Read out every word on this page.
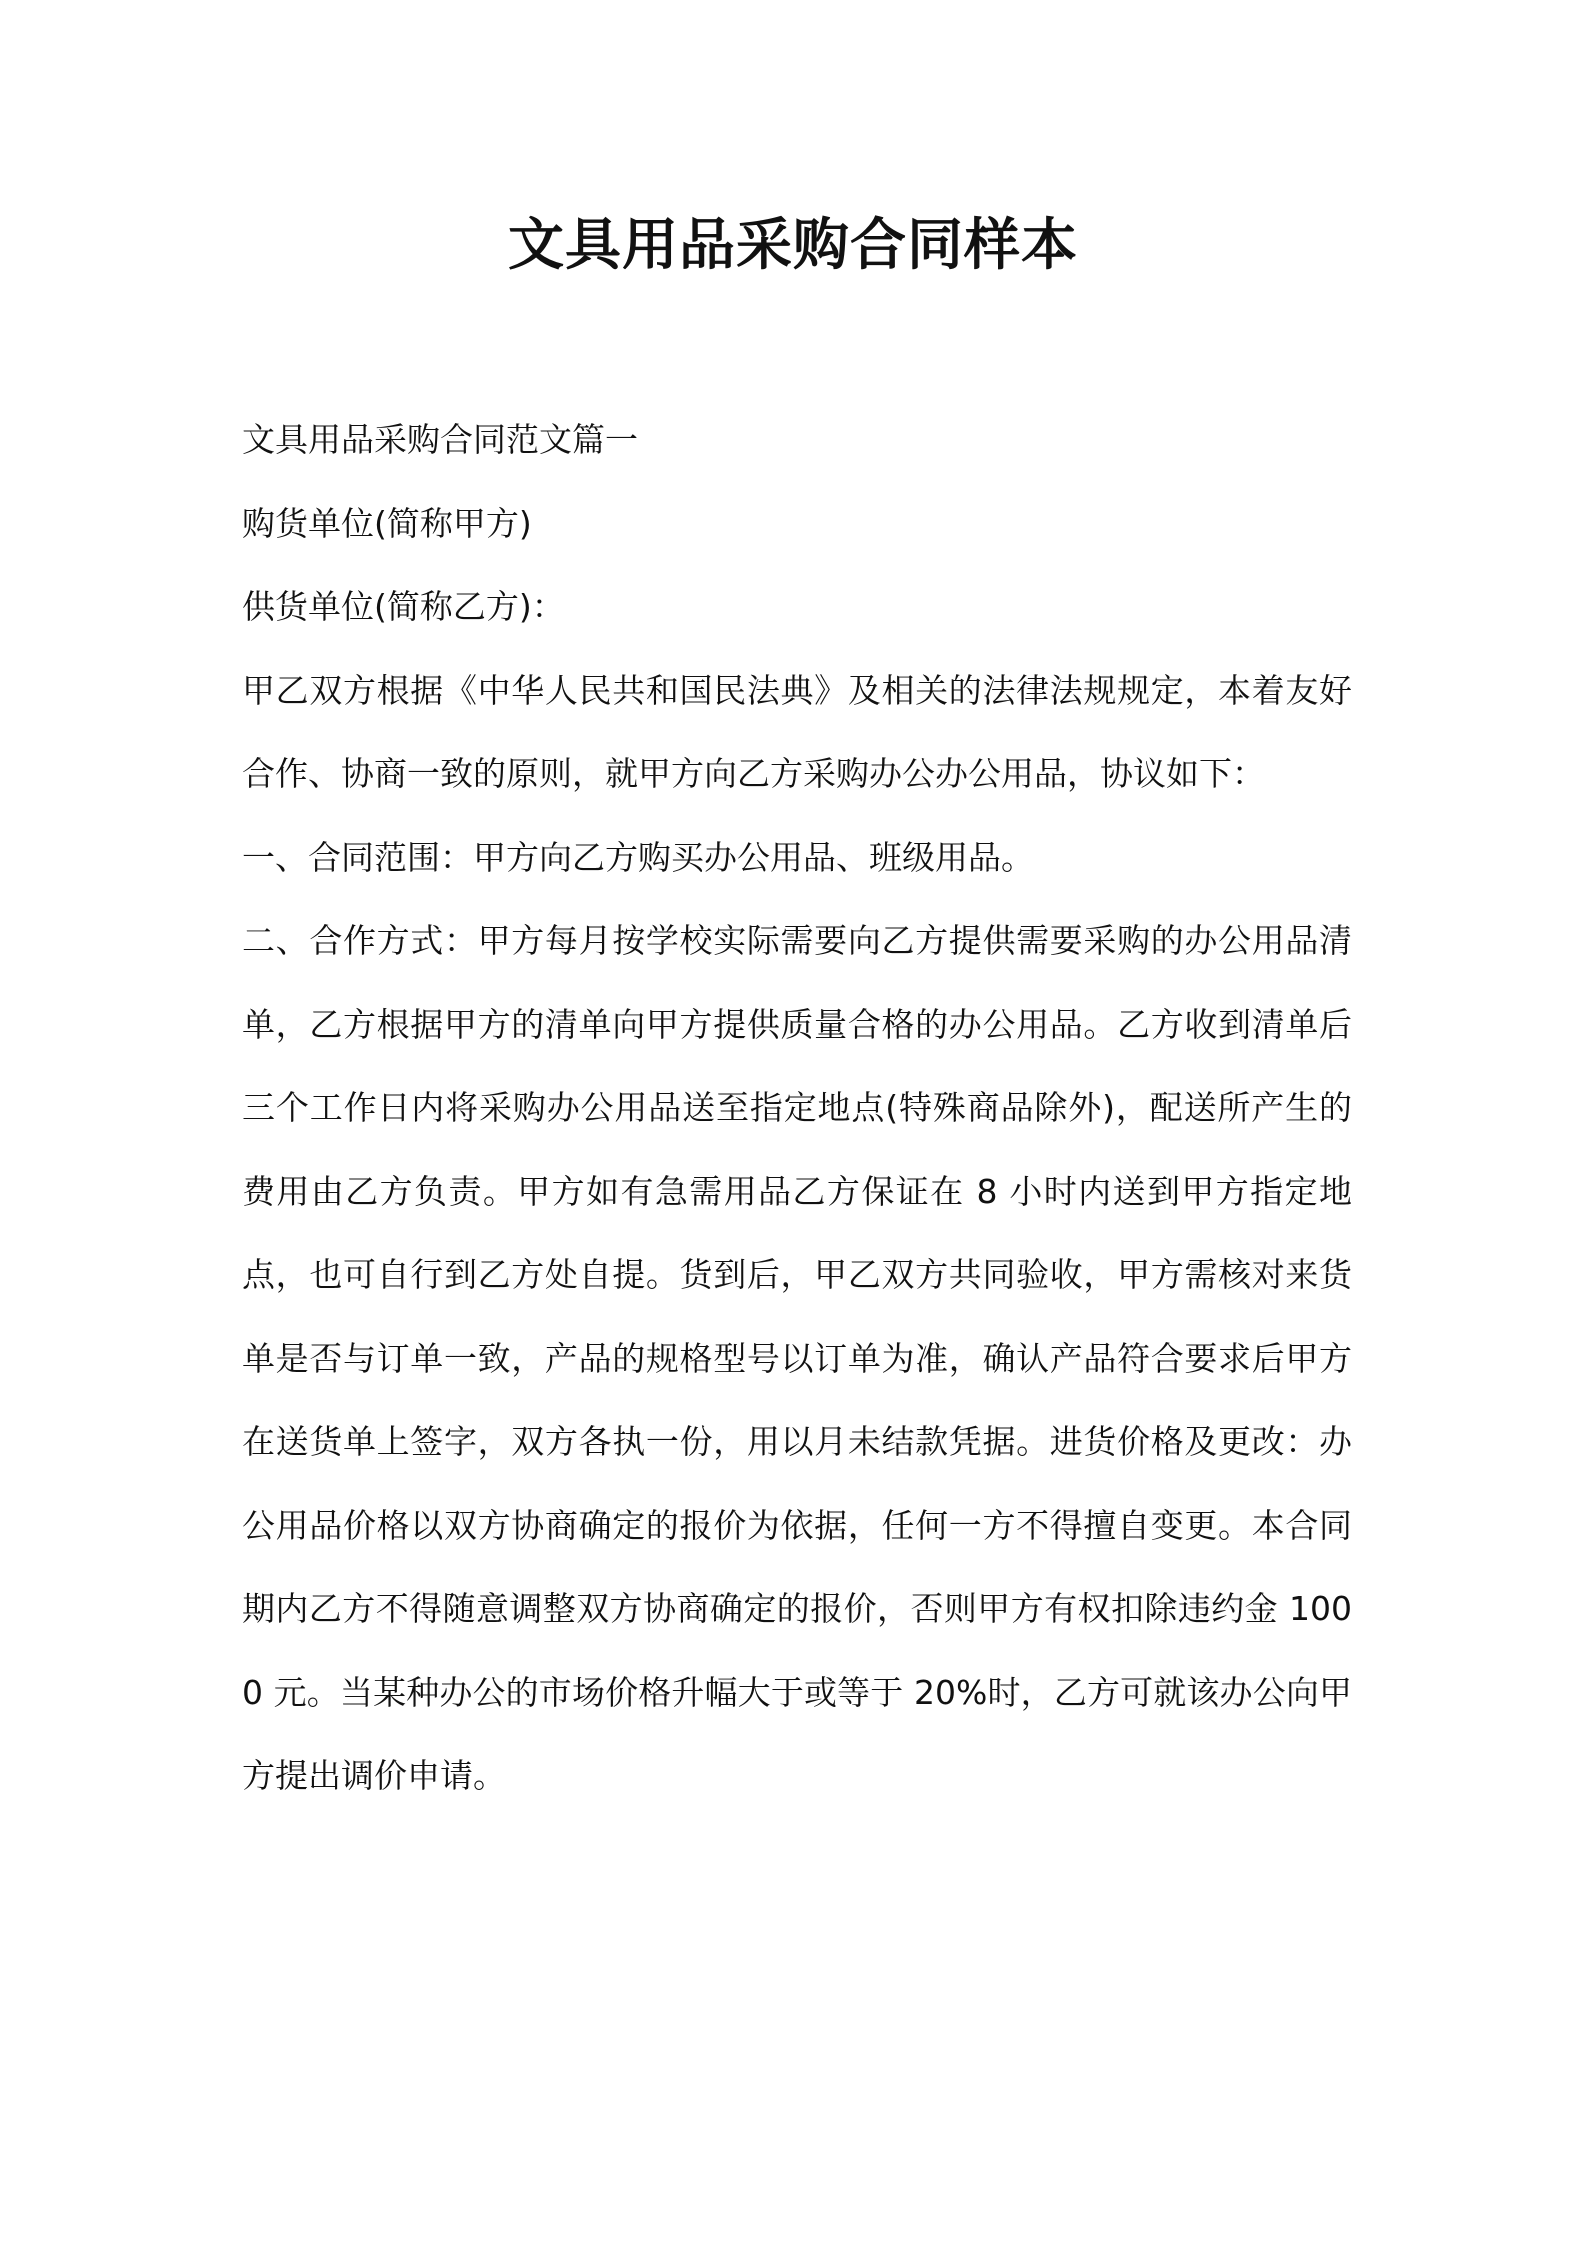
文具用品采购合同样本

文具用品采购合同范文篇一

购货单位(简称甲方)

供货单位(简称乙方)：

甲乙双方根据《中华人民共和国民法典》及相关的法律法规规定，本着友好合作、协商一致的原则，就甲方向乙方采购办公办公用品，协议如下：

一、合同范围：甲方向乙方购买办公用品、班级用品。

二、合作方式：甲方每月按学校实际需要向乙方提供需要采购的办公用品清单，乙方根据甲方的清单向甲方提供质量合格的办公用品。乙方收到清单后三个工作日内将采购办公用品送至指定地点(特殊商品除外)，配送所产生的费用由乙方负责。甲方如有急需用品乙方保证在 8 小时内送到甲方指定地点，也可自行到乙方处自提。货到后，甲乙双方共同验收，甲方需核对来货单是否与订单一致，产品的规格型号以订单为准，确认产品符合要求后甲方在送货单上签字，双方各执一份，用以月未结款凭据。进货价格及更改：办公用品价格以双方协商确定的报价为依据，任何一方不得擅自变更。本合同期内乙方不得随意调整双方协商确定的报价，否则甲方有权扣除违约金 1000 元。当某种办公的市场价格升幅大于或等于 20%时，乙方可就该办公向甲方提出调价申请。
